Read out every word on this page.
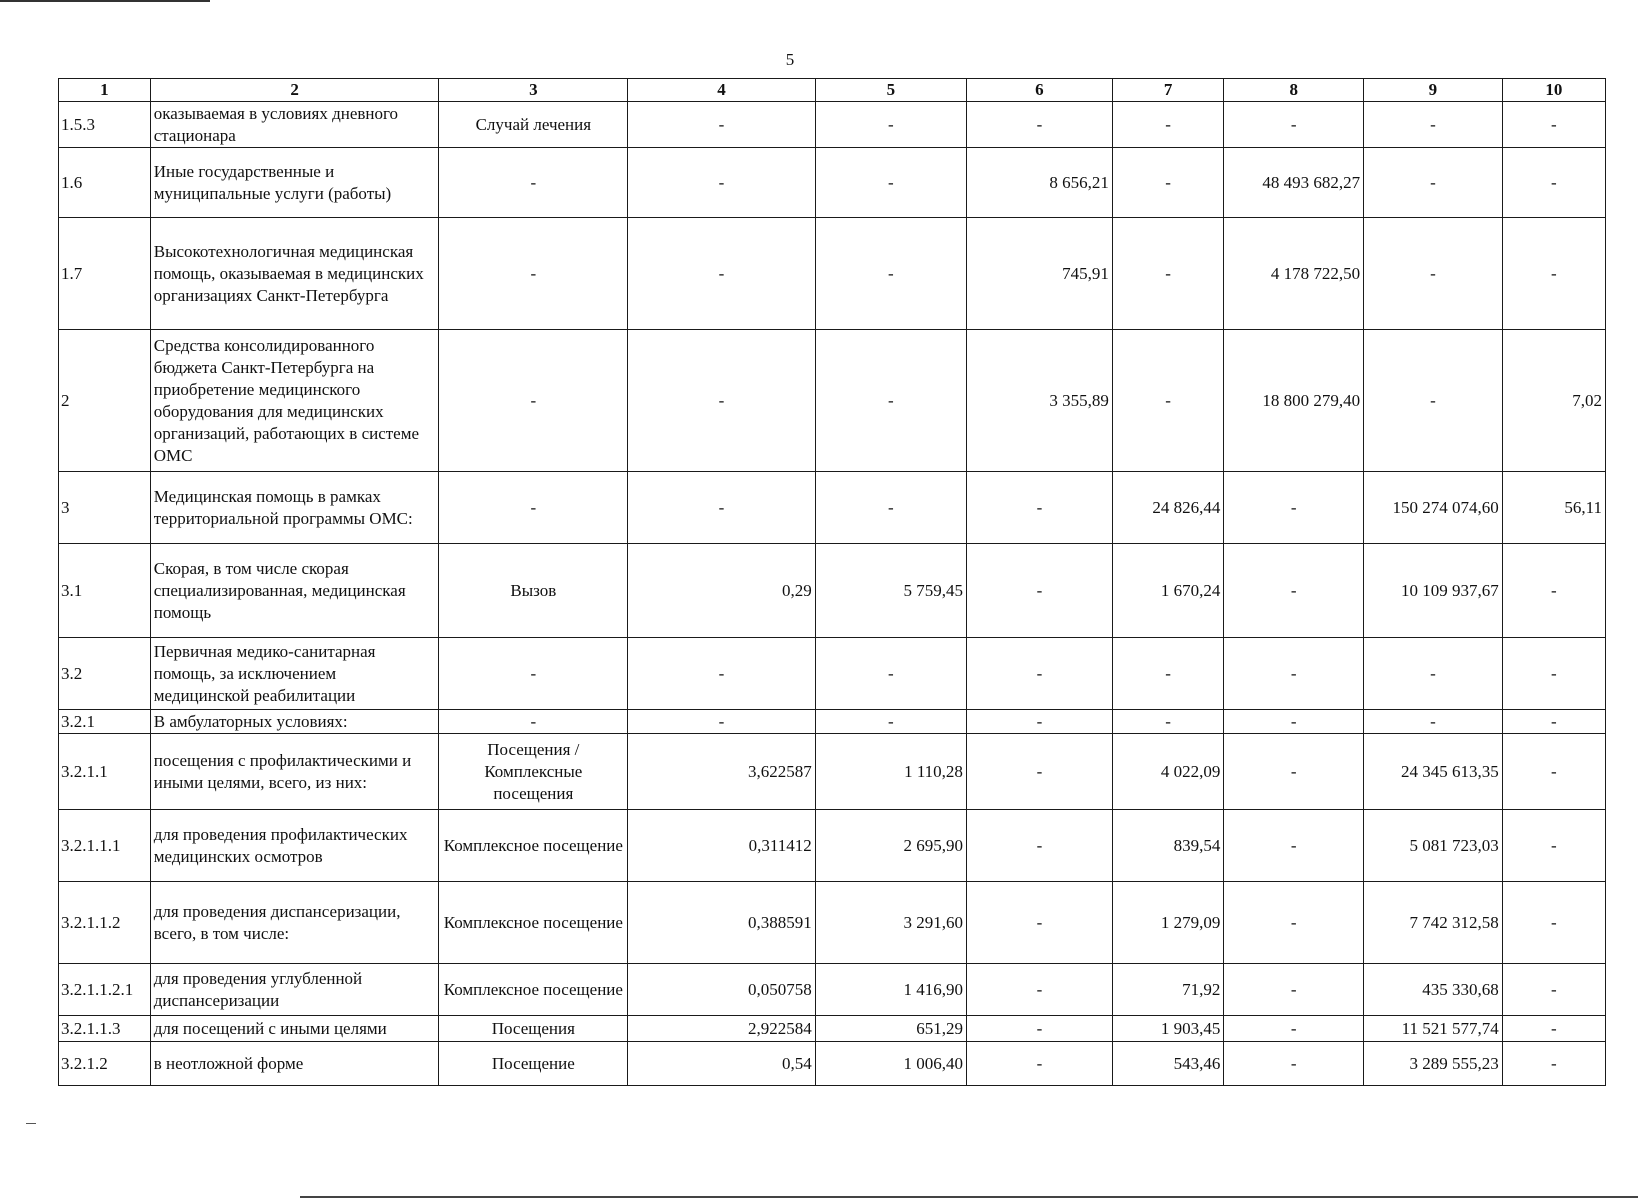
5
1	2	3	4	5	6	7	8	9	10
1.5.3	оказываемая в условиях дневного стационара	Случай лечения	-	-	-	-	-	-	-
1.6	Иные государственные и муниципальные услуги (работы)	-	-	-	8 656,21	-	48 493 682,27	-	-
1.7	Высокотехнологичная медицинская помощь, оказываемая в медицинских организациях Санкт-Петербурга	-	-	-	745,91	-	4 178 722,50	-	-
2	Средства консолидированного бюджета Санкт-Петербурга на приобретение медицинского оборудования для медицинских организаций, работающих в системе ОМС	-	-	-	3 355,89	-	18 800 279,40	-	7,02
3	Медицинская помощь в рамках территориальной программы ОМС:	-	-	-	-	24 826,44	-	150 274 074,60	56,11
3.1	Скорая, в том числе скорая специализированная, медицинская помощь	Вызов	0,29	5 759,45	-	1 670,24	-	10 109 937,67	-
3.2	Первичная медико-санитарная помощь, за исключением медицинской реабилитации	-	-	-	-	-	-	-	-
3.2.1	В амбулаторных условиях:	-	-	-	-	-	-	-	-
3.2.1.1	посещения с профилактическими и иными целями, всего, из них:	Посещения / Комплексные посещения	3,622587	1 110,28	-	4 022,09	-	24 345 613,35	-
3.2.1.1.1	для проведения профилактических медицинских осмотров	Комплексное посещение	0,311412	2 695,90	-	839,54	-	5 081 723,03	-
3.2.1.1.2	для проведения диспансеризации, всего, в том числе:	Комплексное посещение	0,388591	3 291,60	-	1 279,09	-	7 742 312,58	-
3.2.1.1.2.1	для проведения углубленной диспансеризации	Комплексное посещение	0,050758	1 416,90	-	71,92	-	435 330,68	-
3.2.1.1.3	для посещений с иными целями	Посещения	2,922584	651,29	-	1 903,45	-	11 521 577,74	-
3.2.1.2	в неотложной форме	Посещение	0,54	1 006,40	-	543,46	-	3 289 555,23	-
